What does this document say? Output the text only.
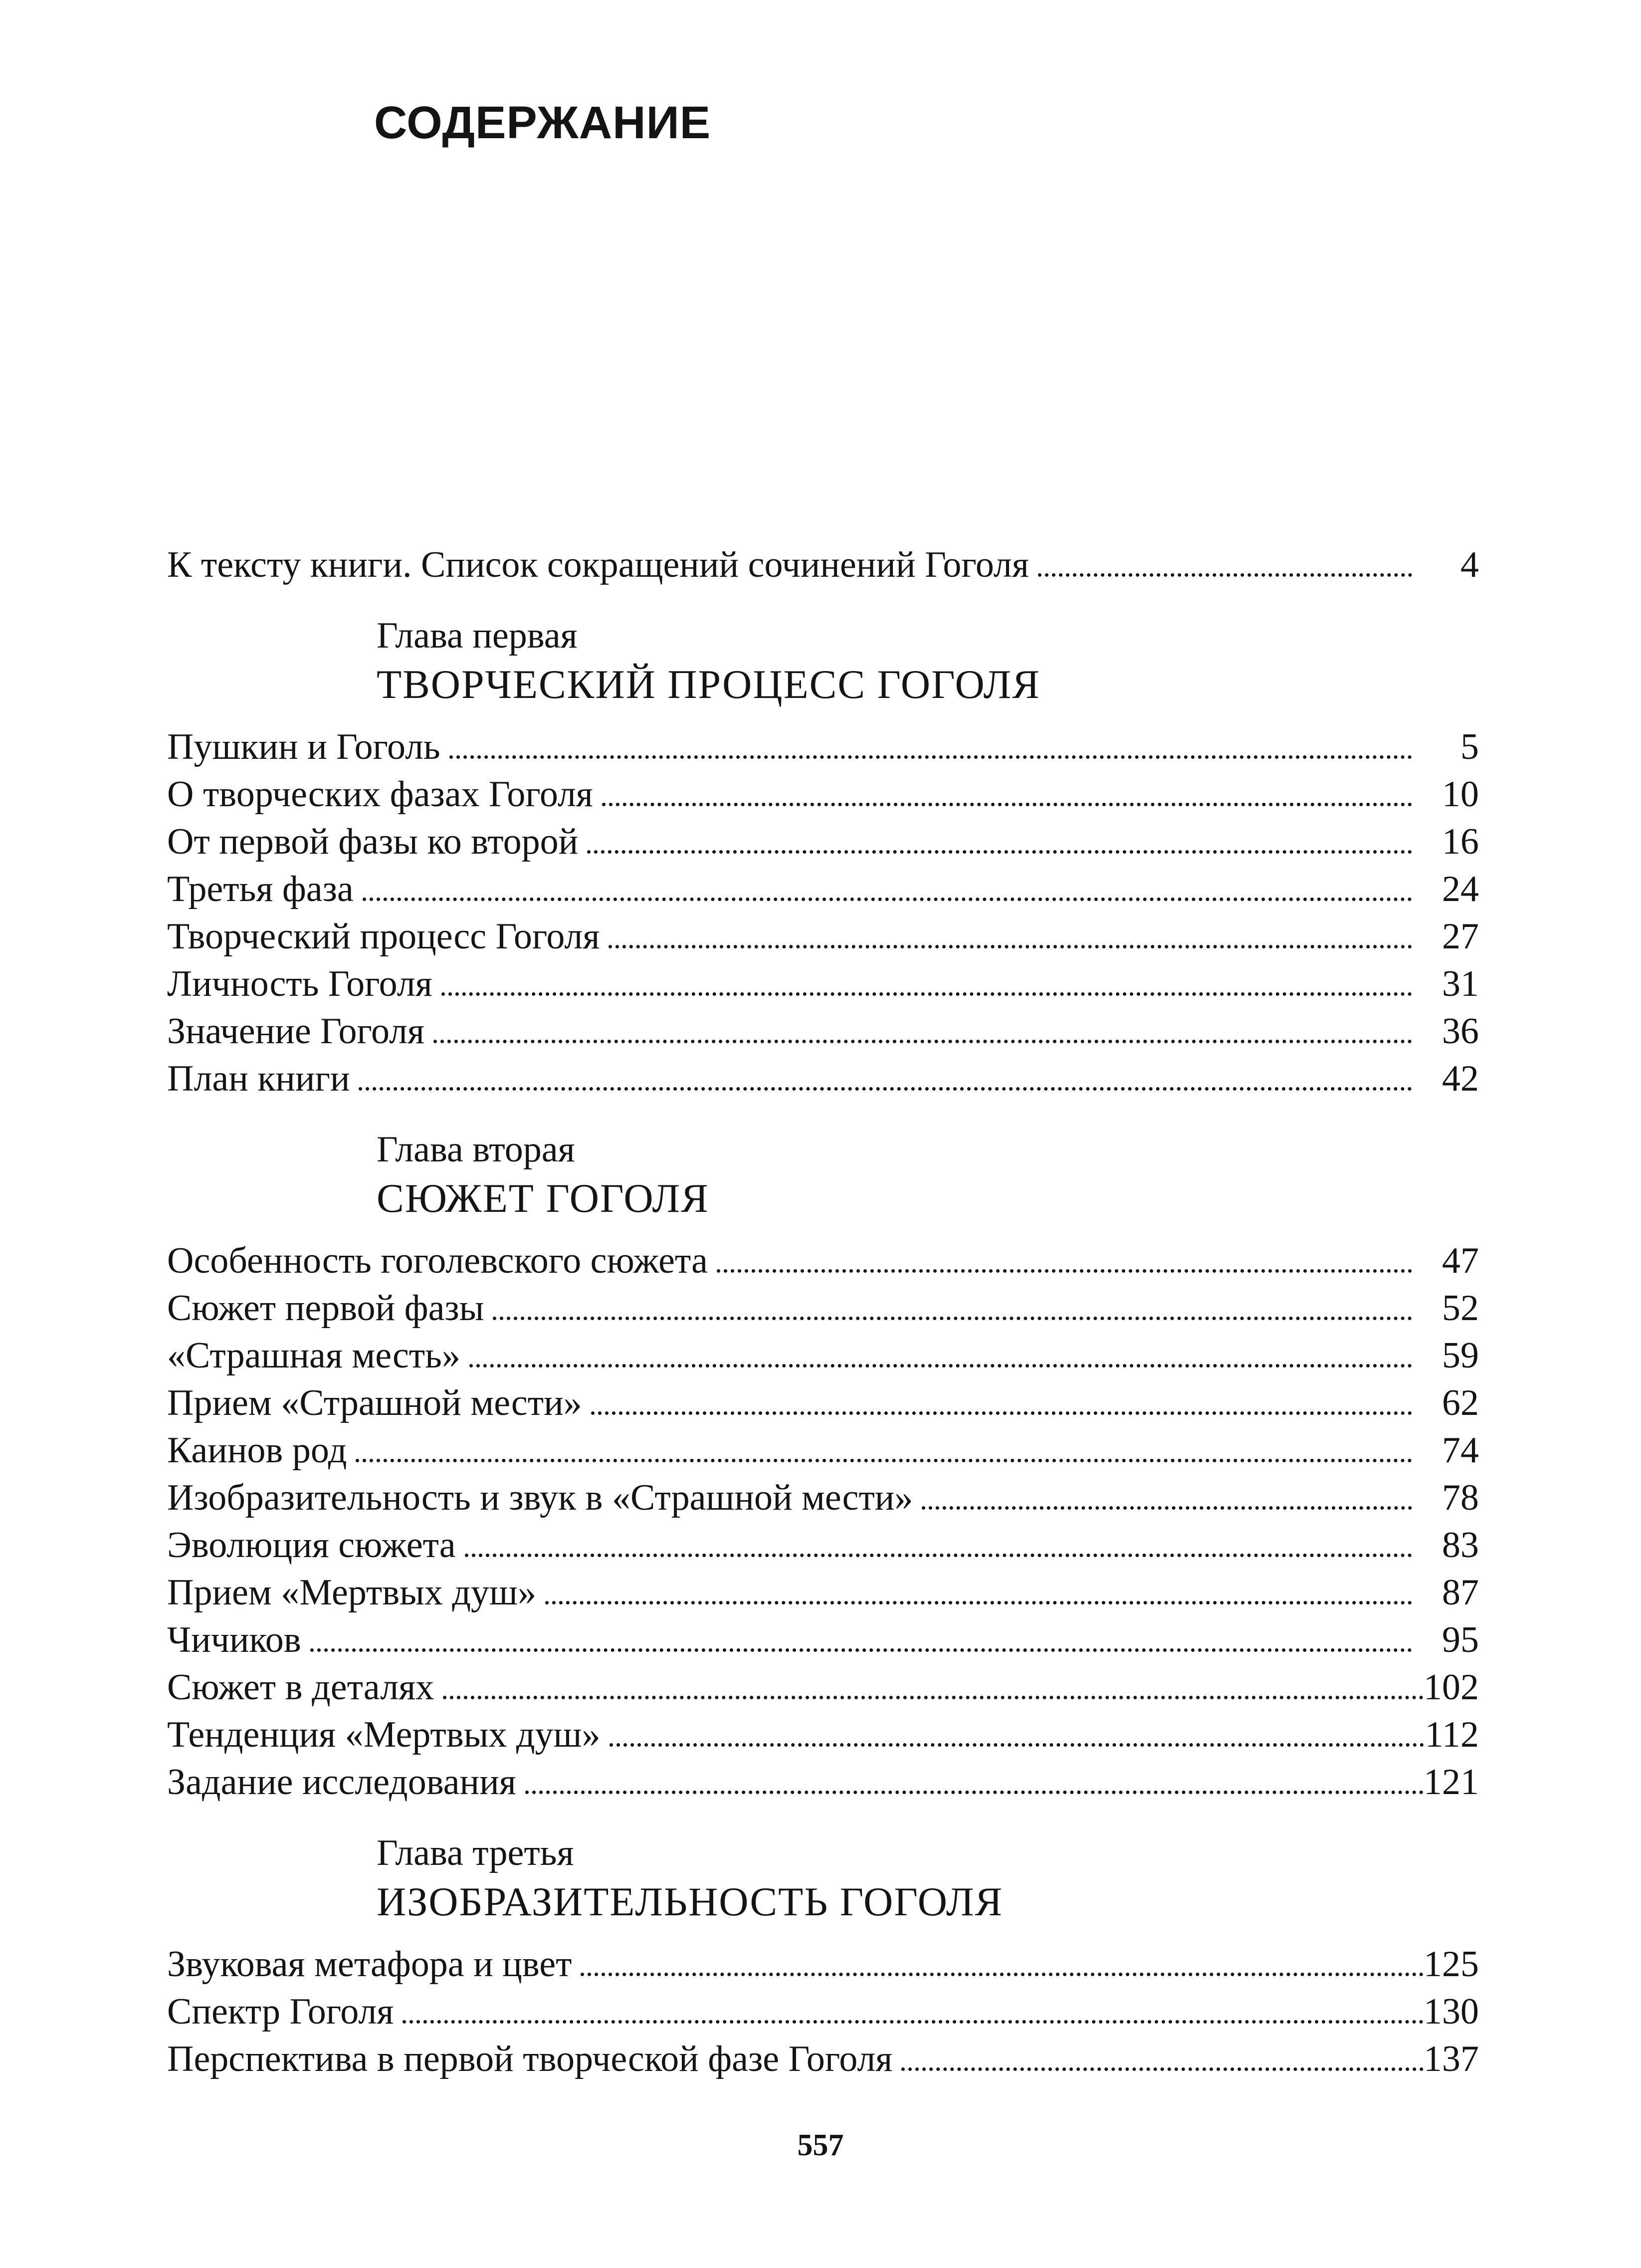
СОДЕРЖАНИЕ
К тексту книги. Список сокращений сочинений Гоголя	4
Глава первая
ТВОРЧЕСКИЙ ПРОЦЕСС ГОГОЛЯ
Пушкин и Гоголь	5
О творческих фазах Гоголя	10
От первой фазы ко второй	16
Третья фаза	24
Творческий процесс Гоголя	27
Личность Гоголя	31
Значение Гоголя	36
План книги	42
Глава вторая
СЮЖЕТ ГОГОЛЯ
Особенность гоголевского сюжета	47
Сюжет первой фазы	52
«Страшная месть»	59
Прием «Страшной мести»	62
Каинов род	74
Изобразительность и звук в «Страшной мести»	78
Эволюция сюжета	83
Прием «Мертвых душ»	87
Чичиков	95
Сюжет в деталях	102
Тенденция «Мертвых душ»	112
Задание исследования	121
Глава третья
ИЗОБРАЗИТЕЛЬНОСТЬ ГОГОЛЯ
Звуковая метафора и цвет	125
Спектр Гоголя	130
Перспектива в первой творческой фазе Гоголя	137
557
